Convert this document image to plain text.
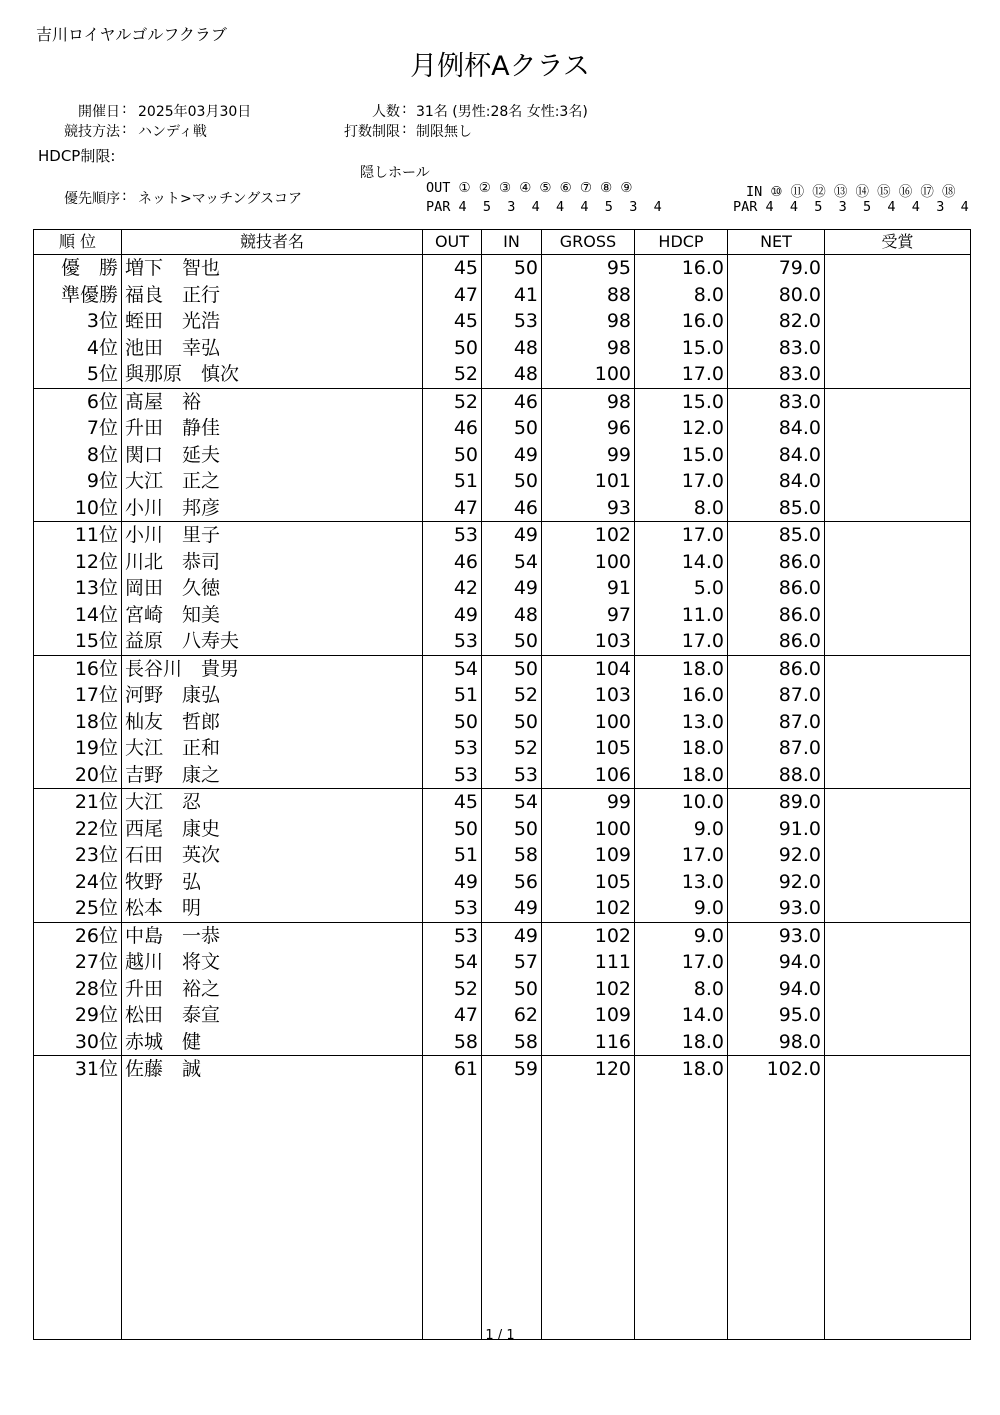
吉川ロイヤルゴルフクラブ
月例杯Aクラス
開催日 : 2025年03月30日
競技方法 : ハンディ戦
HDCP制限:
人数 : 31名 (男性:28名 女性:3名)
打数制限 : 制限無し
隠しホール
優先順序 : ネット>マッチングスコア
OUT ① ② ③ ④ ⑤ ⑥ ⑦ ⑧ ⑨
PAR 4  5  3  4  4  4  5  3  4
IN ⑩ ⑪ ⑫ ⑬ ⑭ ⑮ ⑯ ⑰ ⑱
PAR 4  4  5  3  5  4  4  3  4
順 位	競技者名	OUT	IN	GROSS	HDCP	NET	受賞
優　勝	増下　智也	45	50	95	16.0	79.0	
準優勝	福良　正行	47	41	88	8.0	80.0	
3位	蛭田　光浩	45	53	98	16.0	82.0	
4位	池田　幸弘	50	48	98	15.0	83.0	
5位	與那原　慎次	52	48	100	17.0	83.0	
6位	髙屋　裕	52	46	98	15.0	83.0	
7位	升田　静佳	46	50	96	12.0	84.0	
8位	関口　延夫	50	49	99	15.0	84.0	
9位	大江　正之	51	50	101	17.0	84.0	
10位	小川　邦彦	47	46	93	8.0	85.0	
11位	小川　里子	53	49	102	17.0	85.0	
12位	川北　恭司	46	54	100	14.0	86.0	
13位	岡田　久徳	42	49	91	5.0	86.0	
14位	宮崎　知美	49	48	97	11.0	86.0	
15位	益原　八寿夫	53	50	103	17.0	86.0	
16位	長谷川　貴男	54	50	104	18.0	86.0	
17位	河野　康弘	51	52	103	16.0	87.0	
18位	杣友　哲郎	50	50	100	13.0	87.0	
19位	大江　正和	53	52	105	18.0	87.0	
20位	吉野　康之	53	53	106	18.0	88.0	
21位	大江　忍	45	54	99	10.0	89.0	
22位	西尾　康史	50	50	100	9.0	91.0	
23位	石田　英次	51	58	109	17.0	92.0	
24位	牧野　弘	49	56	105	13.0	92.0	
25位	松本　明	53	49	102	9.0	93.0	
26位	中島　一恭	53	49	102	9.0	93.0	
27位	越川　将文	54	57	111	17.0	94.0	
28位	升田　裕之	52	50	102	8.0	94.0	
29位	松田　泰宣	47	62	109	14.0	95.0	
30位	赤城　健	58	58	116	18.0	98.0	
31位	佐藤　誠	61	59	120	18.0	102.0	

1 / 1
